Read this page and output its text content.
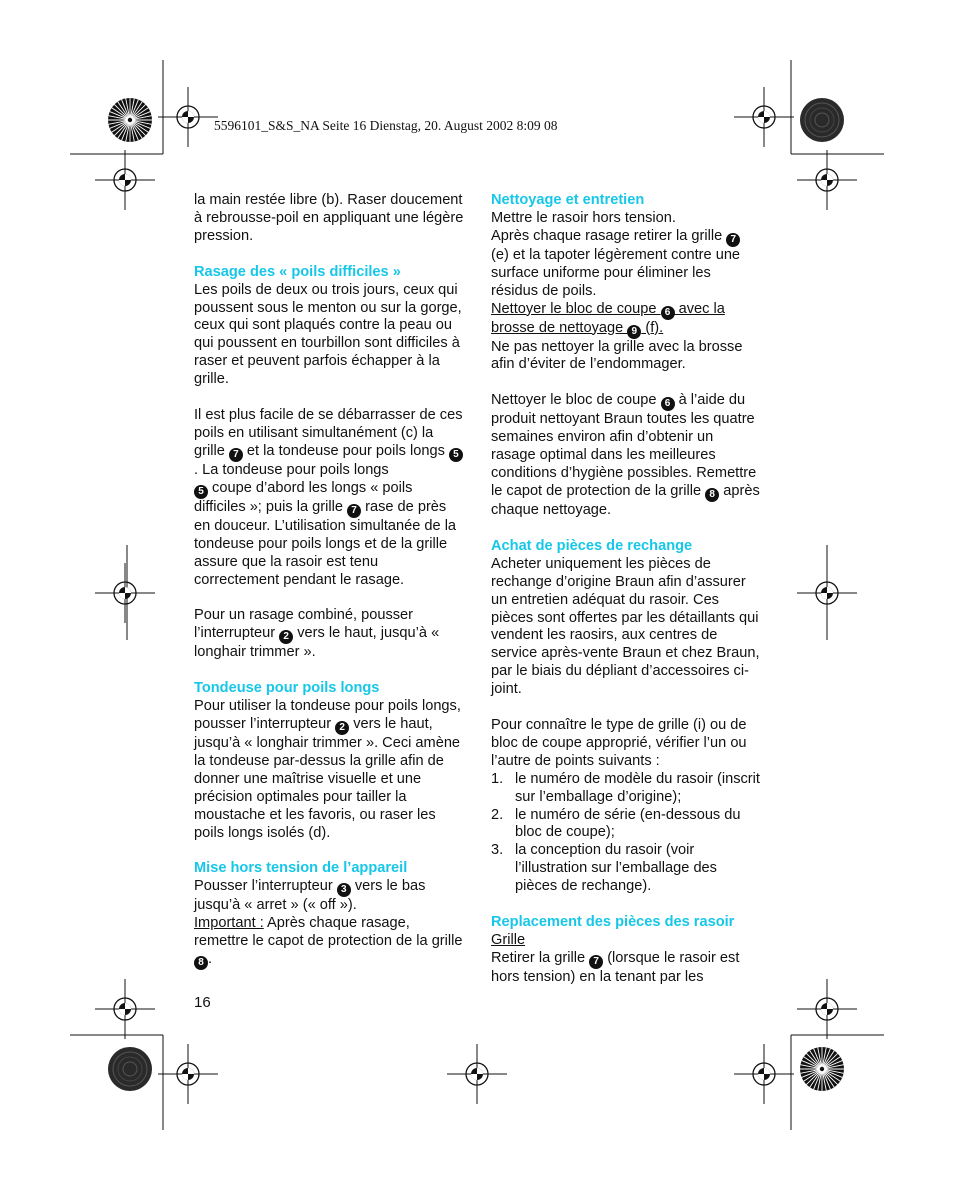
5596101_S&S_NA Seite 16 Dienstag, 20. August 2002 8:09 08

la main restée libre (b). Raser doucement à rebrousse-poil en appliquant une légère pression.

Rasage des « poils difficiles »

Les poils de deux ou trois jours, ceux qui poussent sous le menton ou sur la gorge, ceux qui sont plaqués contre la peau ou qui poussent en tourbillon sont difficiles à raser et peuvent parfois échapper à la grille.

Il est plus facile de se débarrasser de ces poils en utilisant simultanément (c) la grille 7 et la tondeuse pour poils longs 5. La tondeuse pour poils longs
5 coupe d’abord les longs « poils difficiles »; puis la grille 7 rase de près en douceur. L’utilisation simultanée de la tondeuse pour poils longs et de la grille assure que la rasoir est tenu correctement pendant le rasage.

Pour un rasage combiné, pousser l’interrupteur 2 vers le haut, jusqu’à « longhair trimmer ».

Tondeuse pour poils longs

Pour utiliser la tondeuse pour poils longs, pousser l’interrupteur 2 vers le haut, jusqu’à « longhair trimmer ». Ceci amène la tondeuse par-dessus la grille afin de donner une maîtrise visuelle et une précision optimales pour tailler la moustache et les favoris, ou raser les poils longs isolés (d).

Mise hors tension de l’appareil

Pousser l’interrupteur 3 vers le bas jusqu’à « arret » (« off »).
Important : Après chaque rasage, remettre le capot de protection de la grille 8 .

Nettoyage et entretien

Mettre le rasoir hors tension.

Après chaque rasage retirer la grille 7 (e) et la tapoter légèrement contre une surface uniforme pour éliminer les résidus de poils.

Nettoyer le bloc de coupe 6 avec la brosse de nettoyage 9 (f).

Ne pas nettoyer la grille avec la brosse afin d’éviter de l’endommager.

Nettoyer le bloc de coupe 6 à l’aide du produit nettoyant Braun toutes les quatre semaines environ afin d’obtenir un rasage optimal dans les meilleures conditions d’hygiène possibles. Remettre le capot de protection de la grille 8 après chaque nettoyage.

Achat de pièces de rechange

Acheter uniquement les pièces de rechange d’origine Braun afin d’assurer un entretien adéquat du rasoir. Ces pièces sont offertes par les détaillants qui vendent les raosirs, aux centres de service après-vente Braun et chez Braun, par le biais du dépliant d’accessoires ci-joint.

Pour connaître le type de grille (i) ou de bloc de coupe approprié, vérifier l’un ou l’autre de points suivants :

1. le numéro de modèle du rasoir (inscrit sur l’emballage d’origine);
2. le numéro de série (en-dessous du bloc de coupe);
3. la conception du rasoir (voir l’illustration sur l’emballage des pièces de rechange).

Replacement des pièces des rasoir

Grille

Retirer la grille 7 (lorsque le rasoir est hors tension) en la tenant par les

16
